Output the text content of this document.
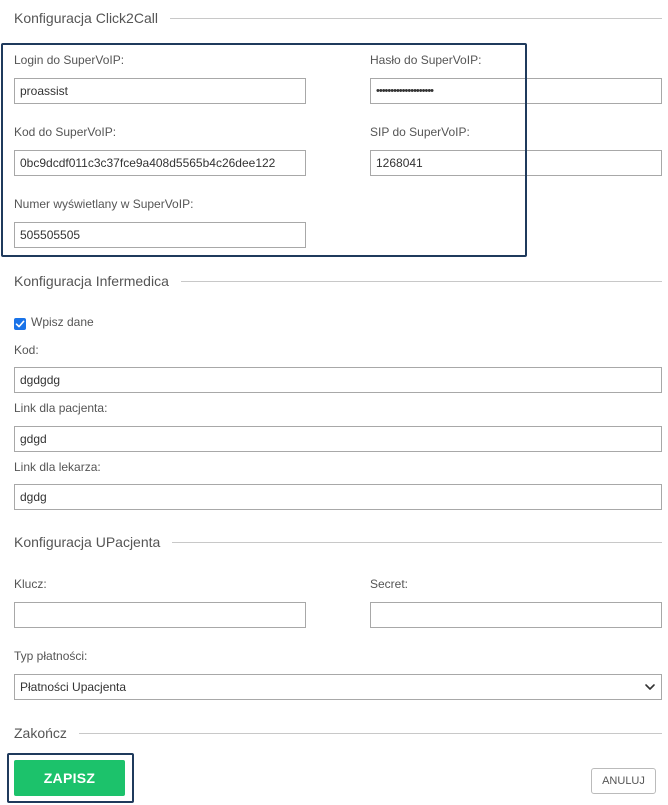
Konfiguracja Click2Call
Login do SuperVoIP:
proassist	Hasło do SuperVoIP:
••••••••••••••••••••
Kod do SuperVoIP:
0bc9dcdf011c3c37fce9a408d5565b4c26dee122	SIP do SuperVoIP:
1268041
Numer wyświetlany w SuperVoIP:
505505505
Konfiguracja Infermedica
Wpisz dane
Kod:
dgdgdg
Link dla pacjenta:
gdgd
Link dla lekarza:
dgdg
Konfiguracja UPacjenta
Klucz:	Secret:
Typ płatności:
Płatności Upacjenta
Zakończ
ZAPISZ	ANULUJ
